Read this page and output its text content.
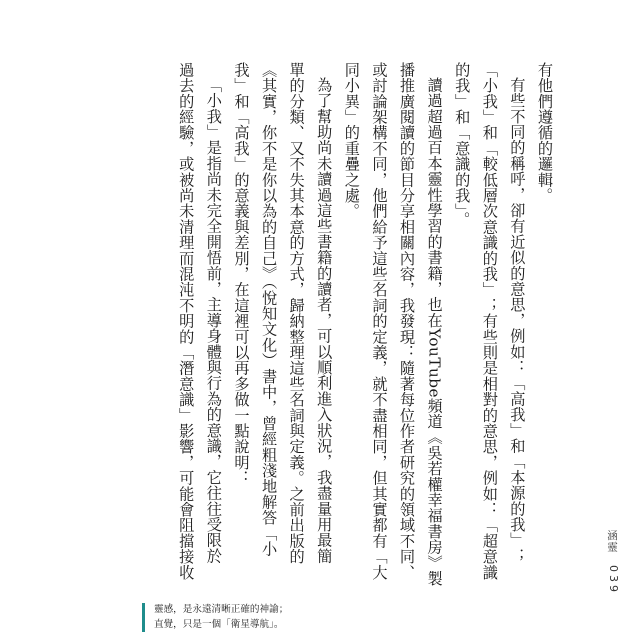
有他們遵循的邏輯。

有些不同的稱呼，卻有近似的意思，例如：「高我」和「本源的我」；

「小我」和「較低層次意識的我」；有些則是相對的意思，例如：「超意識

的我」和「意識的我」。

讀過超過百本靈性學習的書籍，也在YouTube頻道《吳若權幸福書房》製

播推廣閱讀的節目分享相關內容，我發現：隨著每位作者研究的領域不同、

或討論架構不同，他們給予這些名詞的定義，就不盡相同，但其實都有「大

同小異」的重疊之處。

為了幫助尚未讀過這些書籍的讀者，可以順利進入狀況，我盡量用最簡

單的分類、又不失其本意的方式，歸納整理這些名詞與定義。之前出版的

《其實，你不是你以為的自己》（悅知文化）書中，曾經粗淺地解答「小

我」和「高我」的意義與差別，在這裡可以再多做一點說明：

「小我」是指尚未完全開悟前，主導身體與行為的意識，它往往受限於

過去的經驗，或被尚未清理而混沌不明的「潛意識」影響，可能會阻擋接收	涵靈
039
靈感，是永遠清晰正確的神諭；
直覺，只是一個「衛星導航」。
